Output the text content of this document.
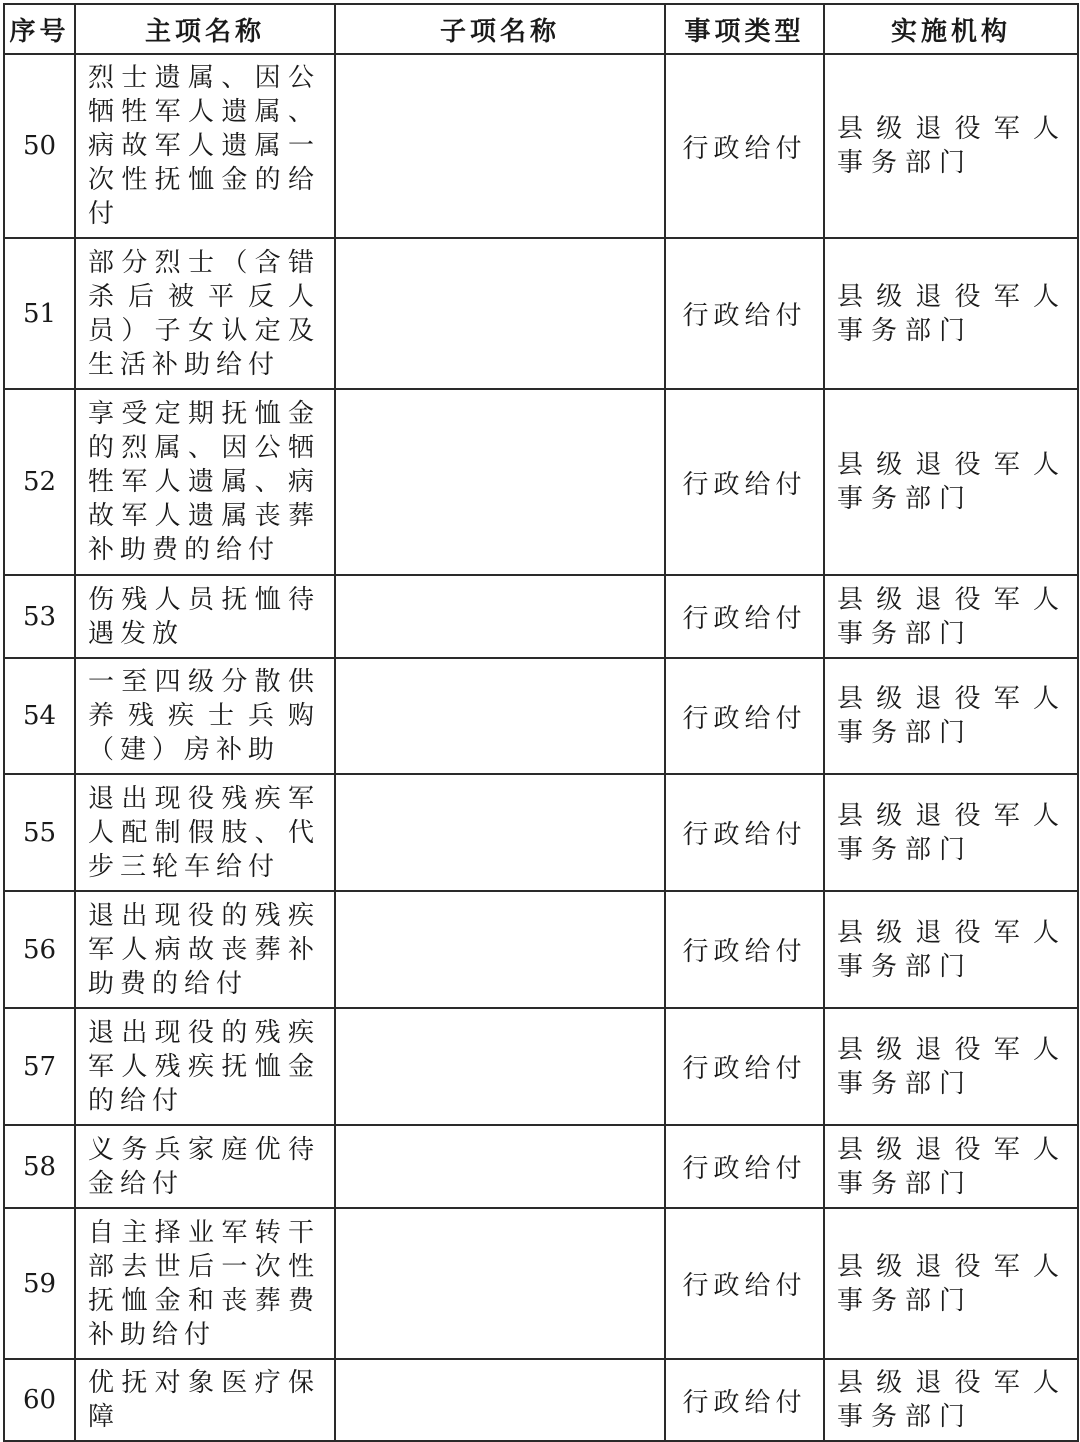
序号	主项名称	子项名称	事项类型	实施机构
50	烈士遗属、因公牺牲军人遗属、病故军人遗属一次性抚恤金的给付		行政给付	县级退役军人事务部门
51	部分烈士（含错杀后被平反人员）子女认定及生活补助给付		行政给付	县级退役军人事务部门
52	享受定期抚恤金的烈属、因公牺牲军人遗属、病故军人遗属丧葬补助费的给付		行政给付	县级退役军人事务部门
53	伤残人员抚恤待遇发放		行政给付	县级退役军人事务部门
54	一至四级分散供养残疾士兵购（建）房补助		行政给付	县级退役军人事务部门
55	退出现役残疾军人配制假肢、代步三轮车给付		行政给付	县级退役军人事务部门
56	退出现役的残疾军人病故丧葬补助费的给付		行政给付	县级退役军人事务部门
57	退出现役的残疾军人残疾抚恤金的给付		行政给付	县级退役军人事务部门
58	义务兵家庭优待金给付		行政给付	县级退役军人事务部门
59	自主择业军转干部去世后一次性抚恤金和丧葬费补助给付		行政给付	县级退役军人事务部门
60	优抚对象医疗保障		行政给付	县级退役军人事务部门
